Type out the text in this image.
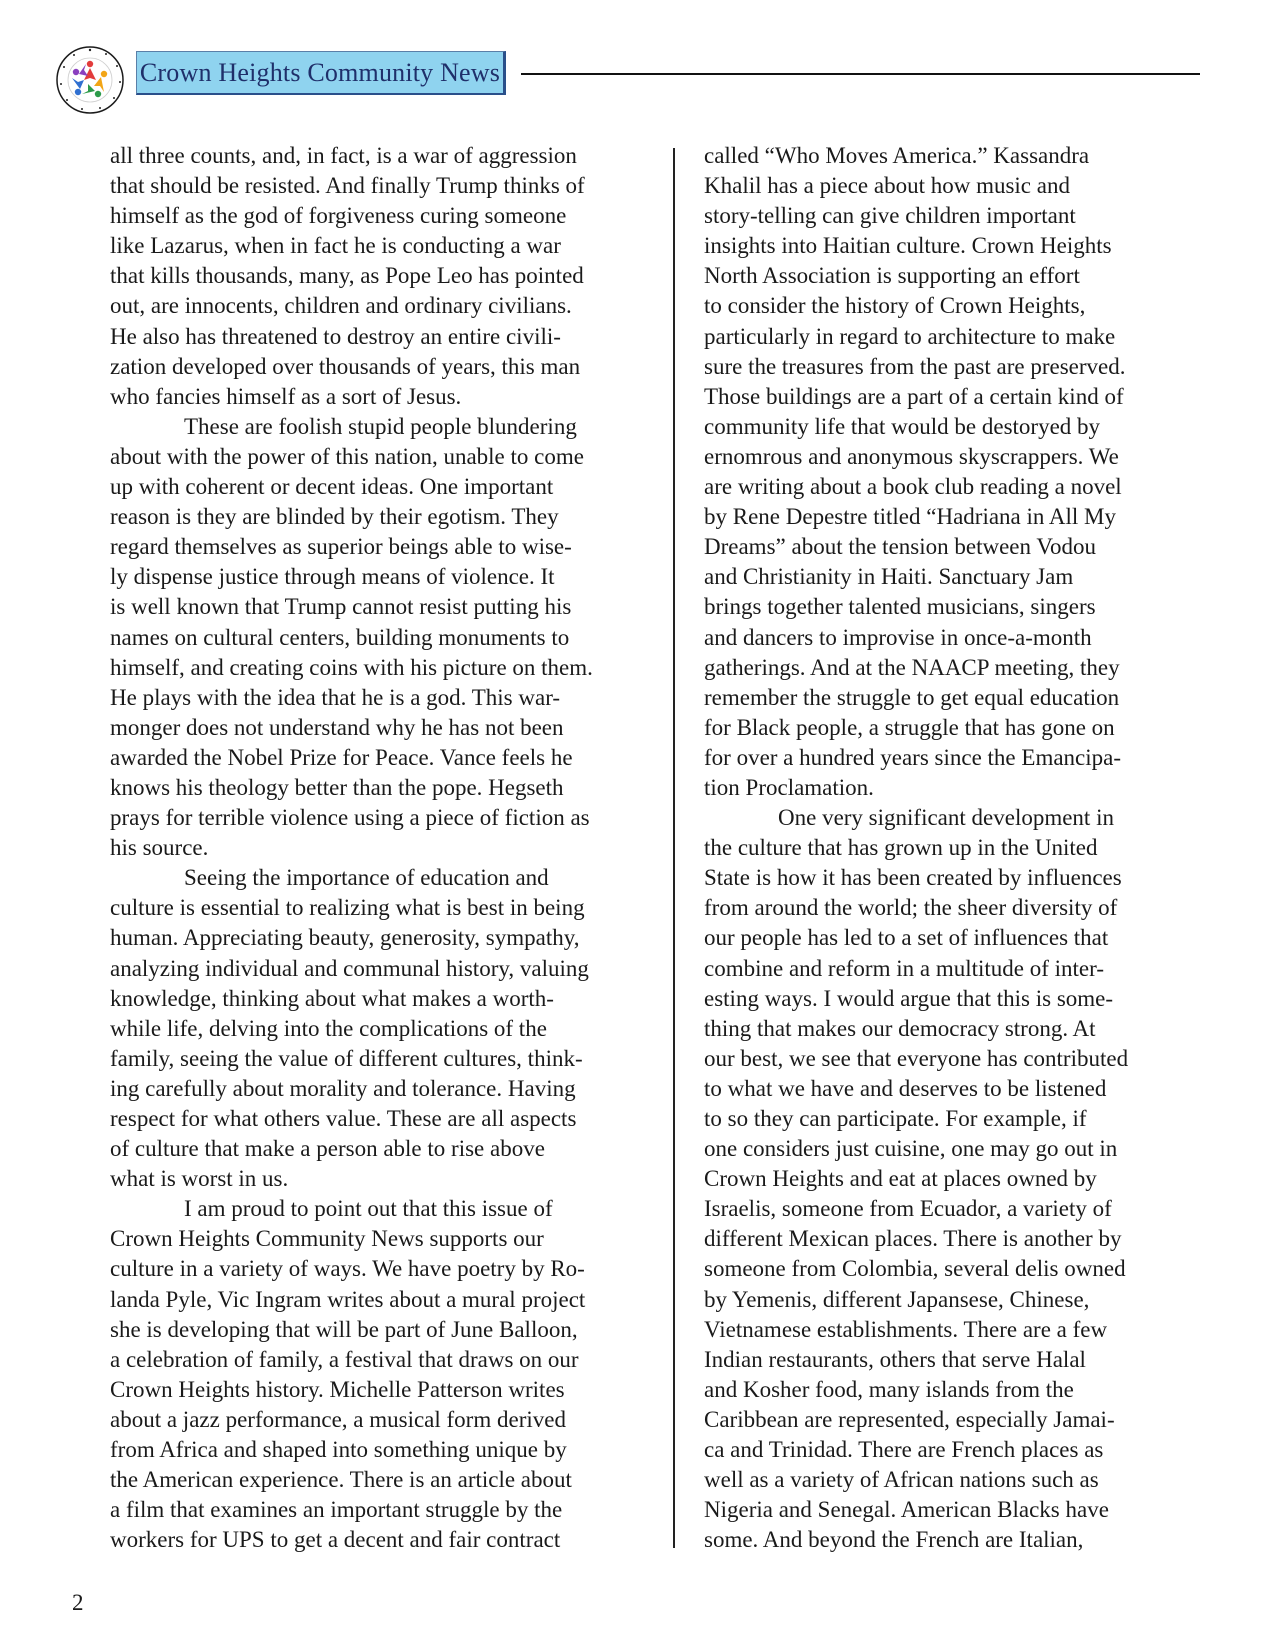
Crown Heights Community News
all three counts, and, in fact, is a war of aggression
that should be resisted. And finally Trump thinks of
himself as the god of forgiveness curing someone
like Lazarus, when in fact he is conducting a war
that kills thousands, many, as Pope Leo has pointed
out, are innocents, children and ordinary civilians.
He also has threatened to destroy an entire civili-
zation developed over thousands of years, this man
who fancies himself as a sort of Jesus.
These are foolish stupid people blundering
about with the power of this nation, unable to come
up with coherent or decent ideas. One important
reason is they are blinded by their egotism. They
regard themselves as superior beings able to wise-
ly dispense justice through means of violence. It
is well known that Trump cannot resist putting his
names on cultural centers, building monuments to
himself, and creating coins with his picture on them.
He plays with the idea that he is a god. This war-
monger does not understand why he has not been
awarded the Nobel Prize for Peace. Vance feels he
knows his theology better than the pope. Hegseth
prays for terrible violence using a piece of fiction as
his source.
Seeing the importance of education and
culture is essential to realizing what is best in being
human. Appreciating beauty, generosity, sympathy,
analyzing individual and communal history, valuing
knowledge, thinking about what makes a worth-
while life, delving into the complications of the
family, seeing the value of different cultures, think-
ing carefully about morality and tolerance. Having
respect for what others value. These are all aspects
of culture that make a person able to rise above
what is worst in us.
I am proud to point out that this issue of
Crown Heights Community News supports our
culture in a variety of ways. We have poetry by Ro-
landa Pyle, Vic Ingram writes about a mural project
she is developing that will be part of June Balloon,
a celebration of family, a festival that draws on our
Crown Heights history. Michelle Patterson writes
about a jazz performance, a musical form derived
from Africa and shaped into something unique by
the American experience. There is an article about
a film that examines an important struggle by the
workers for UPS to get a decent and fair contract
called “Who Moves America.” Kassandra
Khalil has a piece about how music and
story-telling can give children important
insights into Haitian culture. Crown Heights
North Association is supporting an effort
to consider the history of Crown Heights,
particularly in regard to architecture to make
sure the treasures from the past are preserved.
Those buildings are a part of a certain kind of
community life that would be destoryed by
ernomrous and anonymous skyscrappers. We
are writing about a book club reading a novel
by Rene Depestre titled “Hadriana in All My
Dreams” about the tension between Vodou
and Christianity in Haiti. Sanctuary Jam
brings together talented musicians, singers
and dancers to improvise in once-a-month
gatherings. And at the NAACP meeting, they
remember the struggle to get equal education
for Black people, a struggle that has gone on
for over a hundred years since the Emancipa-
tion Proclamation.
One very significant development in
the culture that has grown up in the United
State is how it has been created by influences
from around the world; the sheer diversity of
our people has led to a set of influences that
combine and reform in a multitude of inter-
esting ways. I would argue that this is some-
thing that makes our democracy strong. At
our best, we see that everyone has contributed
to what we have and deserves to be listened
to so they can participate. For example, if
one considers just cuisine, one may go out in
Crown Heights and eat at places owned by
Israelis, someone from Ecuador, a variety of
different Mexican places. There is another by
someone from Colombia, several delis owned
by Yemenis, different Japansese, Chinese,
Vietnamese establishments. There are a few
Indian restaurants, others that serve Halal
and Kosher food, many islands from the
Caribbean are represented, especially Jamai-
ca and Trinidad. There are French places as
well as a variety of African nations such as
Nigeria and Senegal. American Blacks have
some. And beyond the French are Italian,
2
